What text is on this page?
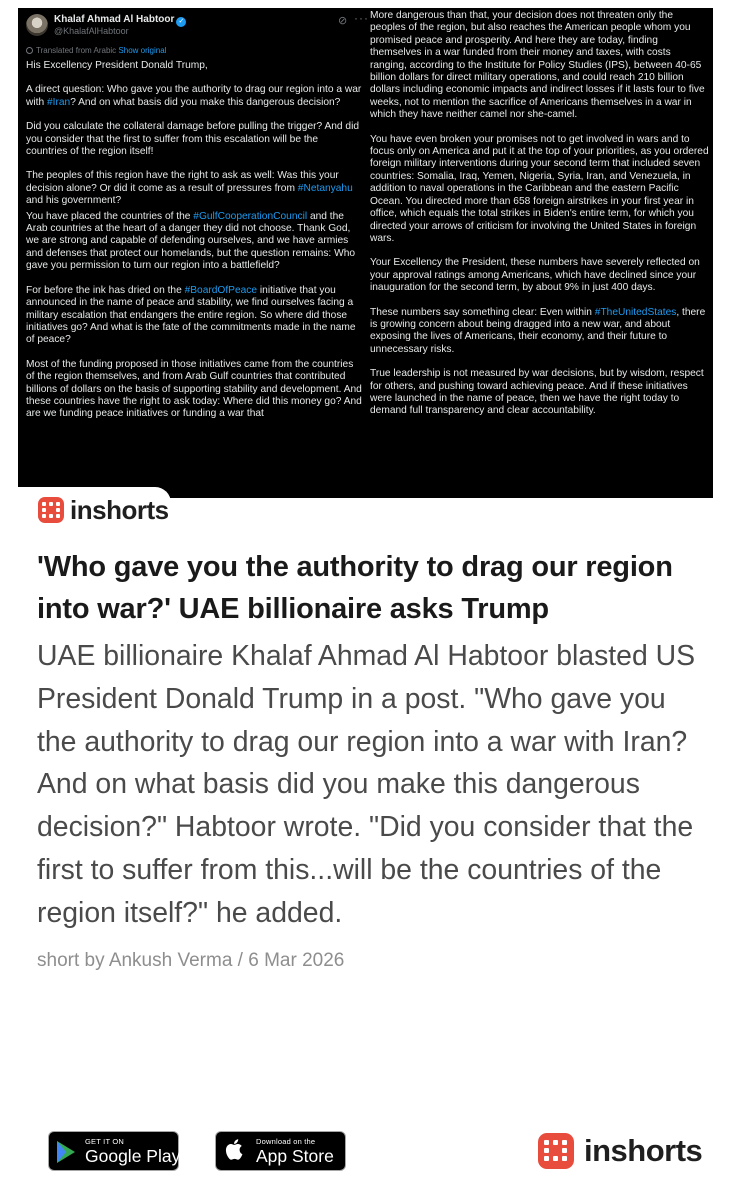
Khalaf Ahmad Al Habtoor ✓
@KhalafAlHabtoor
Translated from Arabic Show original
His Excellency President Donald Trump,
A direct question: Who gave you the authority to drag our region into a war with #Iran? And on what basis did you make this dangerous decision?
Did you calculate the collateral damage before pulling the trigger? And did you consider that the first to suffer from this escalation will be the countries of the region itself!
The peoples of this region have the right to ask as well: Was this your decision alone? Or did it come as a result of pressures from #Netanyahu and his government?
You have placed the countries of the #GulfCooperationCouncil and the Arab countries at the heart of a danger they did not choose. Thank God, we are strong and capable of defending ourselves, and we have armies and defenses that protect our homelands, but the question remains: Who gave you permission to turn our region into a battlefield?
For before the ink has dried on the #BoardOfPeace initiative that you announced in the name of peace and stability, we find ourselves facing a military escalation that endangers the entire region. So where did those initiatives go? And what is the fate of the commitments made in the name of peace?
Most of the funding proposed in those initiatives came from the countries of the region themselves, and from Arab Gulf countries that contributed billions of dollars on the basis of supporting stability and development. And these countries have the right to ask today: Where did this money go? And are we funding peace initiatives or funding a war that
More dangerous than that, your decision does not threaten only the peoples of the region, but also reaches the American people whom you promised peace and prosperity. And here they are today, finding themselves in a war funded from their money and taxes, with costs ranging, according to the Institute for Policy Studies (IPS), between 40-65 billion dollars for direct military operations, and could reach 210 billion dollars including economic impacts and indirect losses if it lasts four to five weeks, not to mention the sacrifice of Americans themselves in a war in which they have neither camel nor she-camel.
You have even broken your promises not to get involved in wars and to focus only on America and put it at the top of your priorities, as you ordered foreign military interventions during your second term that included seven countries: Somalia, Iraq, Yemen, Nigeria, Syria, Iran, and Venezuela, in addition to naval operations in the Caribbean and the eastern Pacific Ocean. You directed more than 658 foreign airstrikes in your first year in office, which equals the total strikes in Biden's entire term, for which you directed your arrows of criticism for involving the United States in foreign wars.
Your Excellency the President, these numbers have severely reflected on your approval ratings among Americans, which have declined since your inauguration for the second term, by about 9% in just 400 days.
These numbers say something clear: Even within #TheUnitedStates, there is growing concern about being dragged into a new war, and about exposing the lives of Americans, their economy, and their future to unnecessary risks.
True leadership is not measured by war decisions, but by wisdom, respect for others, and pushing toward achieving peace. And if these initiatives were launched in the name of peace, then we have the right today to demand full transparency and clear accountability.
⊘ ···
inshorts
'Who gave you the authority to drag our region into war?' UAE billionaire asks Trump

UAE billionaire Khalaf Ahmad Al Habtoor blasted US President Donald Trump in a post. "Who gave you the authority to drag our region into a war with Iran? And on what basis did you make this dangerous decision?" Habtoor wrote. "Did you consider that the first to suffer from this...will be the countries of the region itself?" he added.

short by Ankush Verma / 6 Mar 2026
GET IT ON
Google Play
Download on the
App Store	inshorts
